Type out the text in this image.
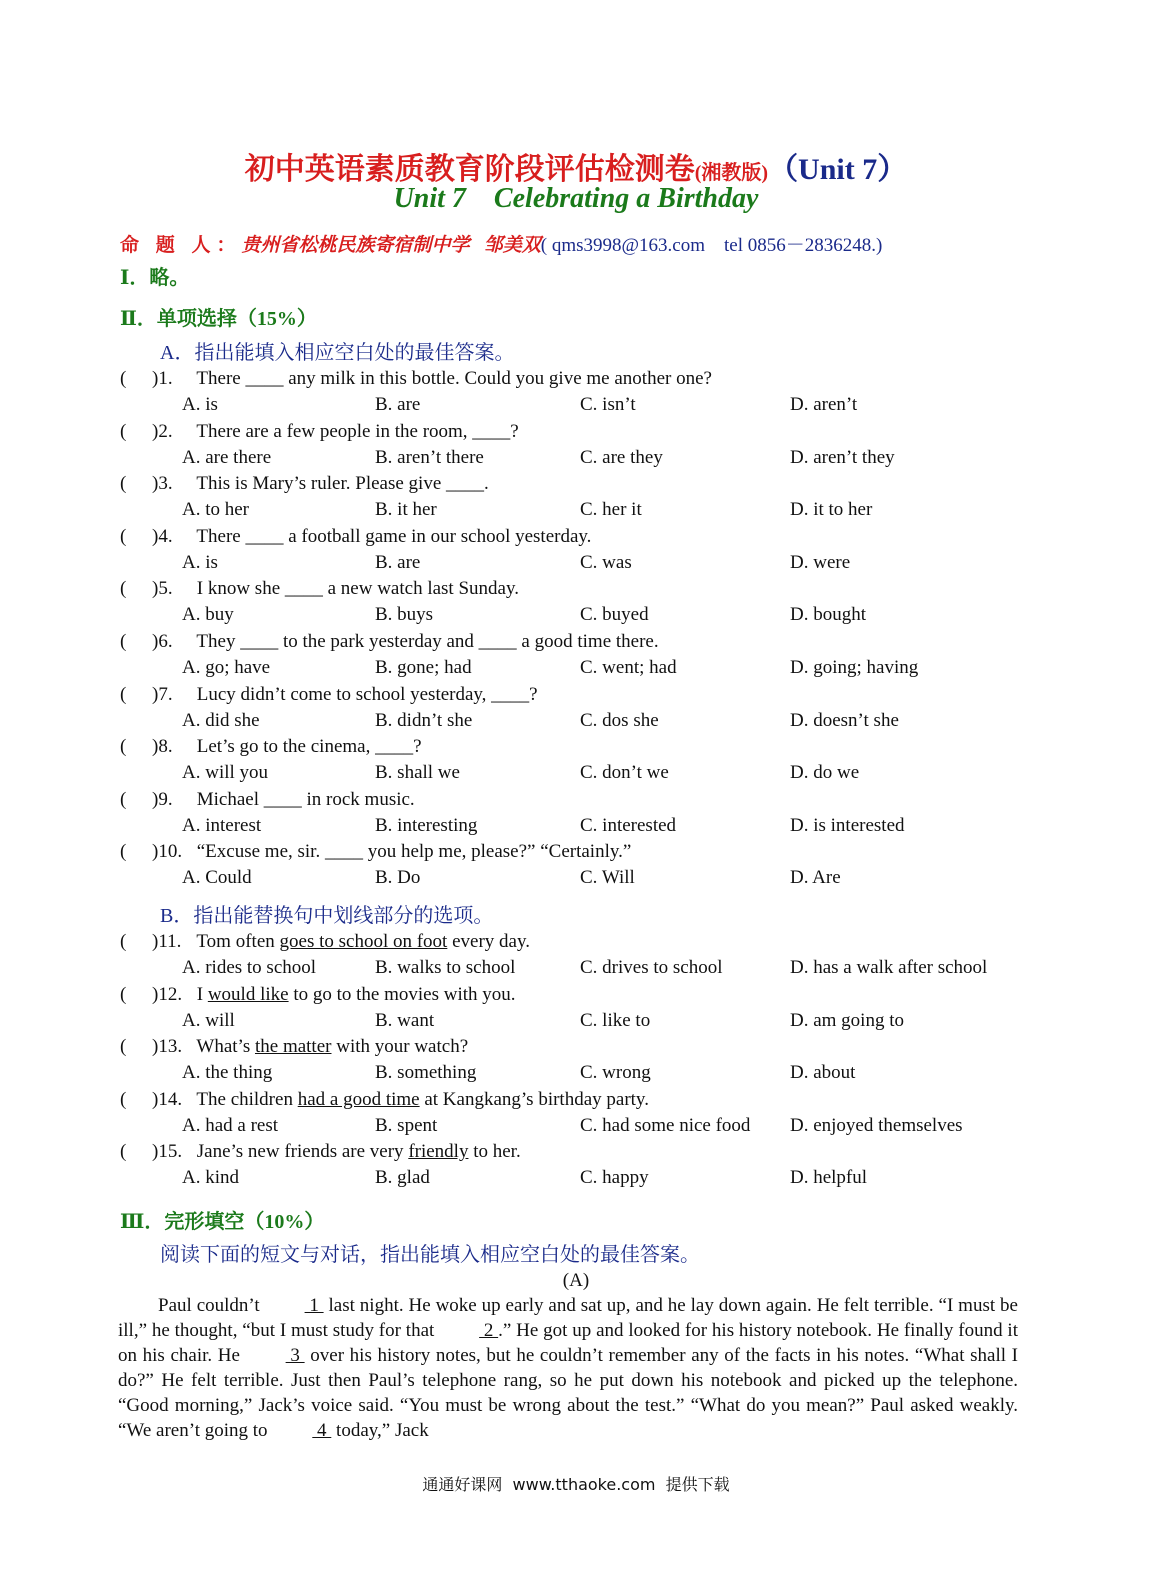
初中英语素质教育阶段评估检测卷(湘教版)（Unit 7）
Unit 7    Celebrating a Birthday
命 题 人：贵州省松桃民族寄宿制中学   邹美双( qms3998@163.com    tel 0856－2836248.)
Ⅰ．略。
Ⅱ．单项选择（15%）
A．指出能填入相应空白处的最佳答案。
( )1. There ____ any milk in this bottle. Could you give me another one?
A. is	B. are	C. isn’t	D. aren’t
( )2. There are a few people in the room, ____?
A. are there	B. aren’t there	C. are they	D. aren’t they
( )3. This is Mary’s ruler. Please give ____.
A. to her	B. it her	C. her it	D. it to her
( )4. There ____ a football game in our school yesterday.
A. is	B. are	C. was	D. were
( )5. I know she ____ a new watch last Sunday.
A. buy	B. buys	C. buyed	D. bought
( )6. They ____ to the park yesterday and ____ a good time there.
A. go; have	B. gone; had	C. went; had	D. going; having
( )7. Lucy didn’t come to school yesterday, ____?
A. did she	B. didn’t she	C. dos she	D. doesn’t she
( )8. Let’s go to the cinema, ____?
A. will you	B. shall we	C. don’t we	D. do we
( )9. Michael ____ in rock music.
A. interest	B. interesting	C. interested	D. is interested
( )10. “Excuse me, sir. ____ you help me, please?” “Certainly.”
A. Could	B. Do	C. Will	D. Are
B．指出能替换句中划线部分的选项。
( )11. Tom often goes to school on foot every day.
A. rides to school	B. walks to school	C. drives to school	D. has a walk after school
( )12. I would like to go to the movies with you.
A. will	B. want	C. like to	D. am going to
( )13. What’s the matter with your watch?
A. the thing	B. something	C. wrong	D. about
( )14. The children had a good time at Kangkang’s birthday party.
A. had a rest	B. spent	C. had some nice food D. enjoyed themselves
( )15. Jane’s new friends are very friendly to her.
A. kind	B. glad	C. happy	D. helpful
Ⅲ．完形填空（10%）
阅读下面的短文与对话，指出能填入相应空白处的最佳答案。
(A)
Paul couldn’t  1  last night. He woke up early and sat up, and he lay down again. He felt terrible. “I must be ill,” he thought, “but I must study for that  2 .” He got up and looked for his history notebook. He finally found it on his chair. He  3  over his history notes, but he couldn’t remember any of the facts in his notes. “What shall I do?” He felt terrible. Just then Paul’s telephone rang, so he put down his notebook and picked up the telephone. “Good morning,” Jack’s voice said. “You must be wrong about the test.” “What do you mean?” Paul asked weakly. “We aren’t going to  4  today,” Jack
通通好课网  www.tthaoke.com  提供下载
